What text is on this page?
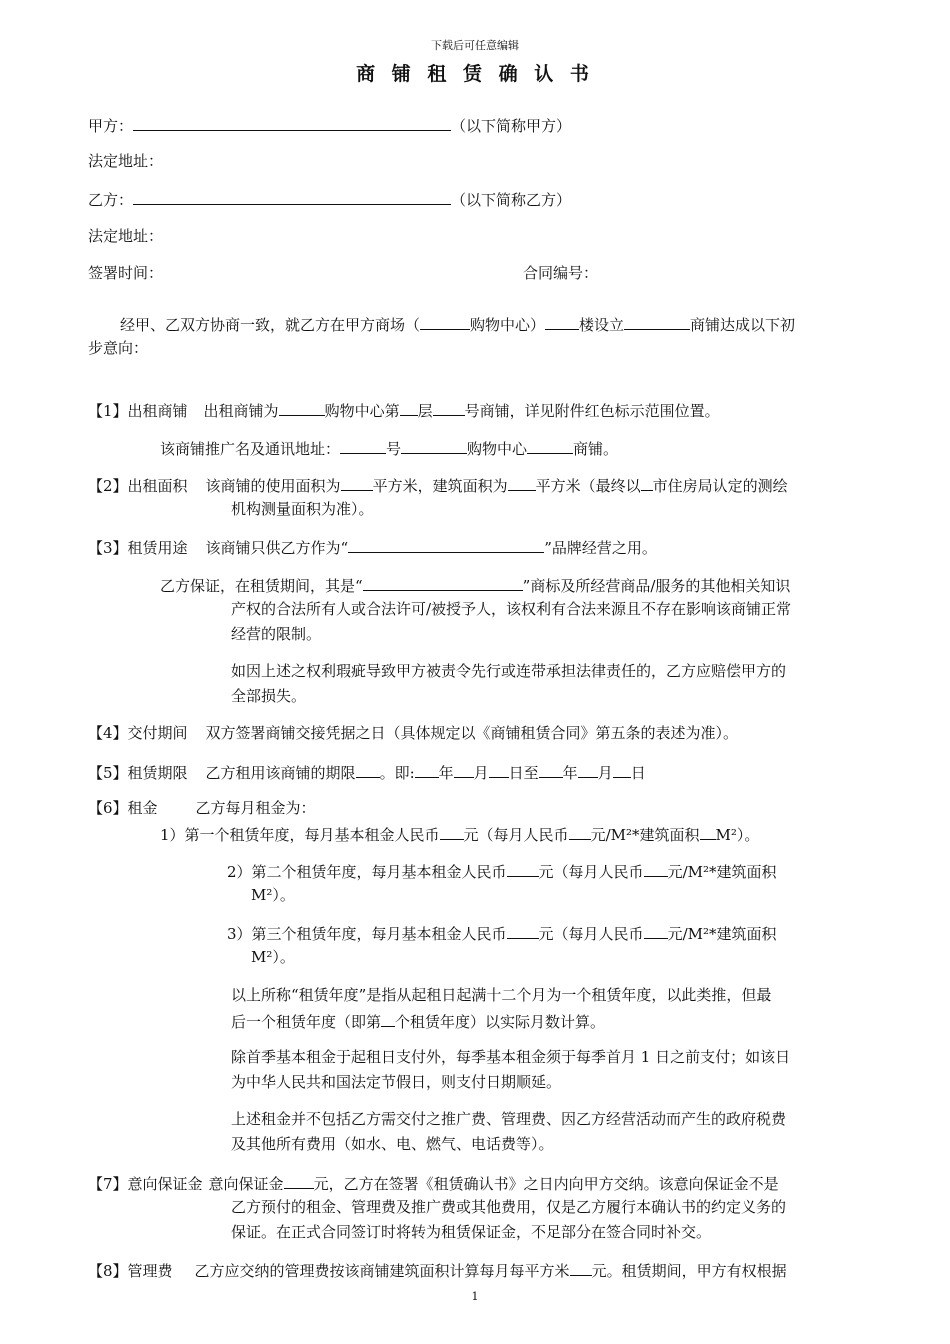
下载后可任意编辑
商 铺 租 赁 确 认 书
甲方：	（以下简称甲方）
法定地址：
乙方：	（以下简称乙方）
法定地址：
签署时间：	合同编号：
经甲、乙双方协商一致，就乙方在甲方商场（	购物中心） 楼设立	商铺达成以下初
步意向：
【1】出租商铺 出租商铺为	购物中心第 层 号商铺，详见附件红色标示范围位置。
该商铺推广名及通讯地址：	号	购物中心	商铺。
【2】出租面积 该商铺的使用面积为 平方米，建筑面积为 平方米（最终以 市住房局认定的测绘
机构测量面积为准）。
【3】租赁用途 该商铺只供乙方作为“	”品牌经营之用。
乙方保证，在租赁期间，其是“	”商标及所经营商品/服务的其他相关知识
产权的合法所有人或合法许可/被授予人，该权利有合法来源且不存在影响该商铺正常
经营的限制。
如因上述之权利瑕疵导致甲方被责令先行或连带承担法律责任的，乙方应赔偿甲方的
全部损失。
【4】交付期间 双方签署商铺交接凭据之日（具体规定以《商铺租赁合同》第五条的表述为准）。
【5】租赁期限 乙方租用该商铺的期限 。即: 年 月 日至 年 月 日
【6】租金	乙方每月租金为：
1）第一个租赁年度，每月基本租金人民币 元（每月人民币 元/M²*建筑面积 M²）。
2）第二个租赁年度，每月基本租金人民币 元（每月人民币 元/M²*建筑面积
M²）。
3）第三个租赁年度，每月基本租金人民币 元（每月人民币 元/M²*建筑面积
M²）。
以上所称“租赁年度”是指从起租日起满十二个月为一个租赁年度，以此类推，但最
后一个租赁年度（即第 个租赁年度）以实际月数计算。
除首季基本租金于起租日支付外，每季基本租金须于每季首月 1 日之前支付；如该日
为中华人民共和国法定节假日，则支付日期顺延。
上述租金并不包括乙方需交付之推广费、管理费、因乙方经营活动而产生的政府税费
及其他所有费用（如水、电、燃气、电话费等）。
【7】意向保证金 意向保证金 元，乙方在签署《租赁确认书》之日内向甲方交纳。该意向保证金不是
乙方预付的租金、管理费及推广费或其他费用，仅是乙方履行本确认书的约定义务的
保证。在正式合同签订时将转为租赁保证金，不足部分在签合同时补交。
【8】管理费 乙方应交纳的管理费按该商铺建筑面积计算每月每平方米 元。租赁期间，甲方有权根据
1
